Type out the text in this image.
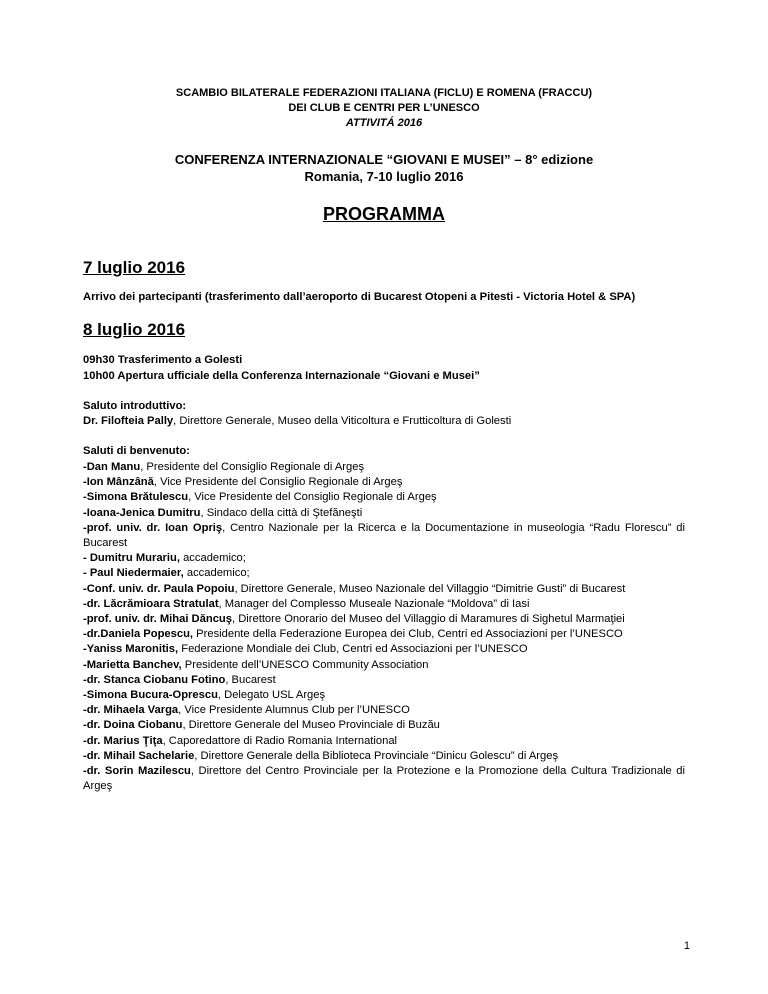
SCAMBIO BILATERALE FEDERAZIONI ITALIANA (FICLU) E ROMENA (FRACCU)
DEI CLUB E CENTRI PER L’UNESCO
ATTIVITÁ 2016
CONFERENZA INTERNAZIONALE “GIOVANI E MUSEI” – 8° edizione
Romania, 7-10 luglio 2016
PROGRAMMA
7 luglio 2016
Arrivo dei partecipanti (trasferimento dall’aeroporto di Bucarest Otopeni a Pitesti - Victoria Hotel & SPA)
8 luglio 2016
09h30 Trasferimento a Golesti
10h00 Apertura ufficiale della Conferenza Internazionale “Giovani e Musei”
Saluto introduttivo:
Dr. Filofteia Pally, Direttore Generale, Museo della Viticoltura e Frutticoltura di Golesti
Saluti di benvenuto:
-Dan Manu, Presidente del Consiglio Regionale di Argeş
-Ion Mânzână, Vice Presidente del Consiglio Regionale di Argeş
-Simona Brătulescu, Vice Presidente del Consiglio Regionale di Argeş
-Ioana-Jenica Dumitru, Sindaco della città di Ştefăneşti
-prof. univ. dr. Ioan Opriş, Centro Nazionale per la Ricerca e la Documentazione in museologia “Radu Florescu” di Bucarest
- Dumitru Murariu, accademico;
- Paul Niedermaier, accademico;
-Conf. univ. dr. Paula Popoiu, Direttore Generale, Museo Nazionale del Villaggio “Dimitrie Gusti” di Bucarest
-dr. Lăcrămioara Stratulat, Manager del Complesso Museale Nazionale “Moldova” di Iasi
-prof. univ. dr. Mihai Dăncuş, Direttore Onorario del Museo del Villaggio di Maramures di Sighetul Marmaţiei
-dr.Daniela Popescu, Presidente della Federazione Europea dei Club, Centri ed Associazioni per l’UNESCO
-Yaniss Maronitis, Federazione Mondiale dei Club, Centri ed Associazioni per l’UNESCO
-Marietta Banchev, Presidente dell’UNESCO Community Association
-dr. Stanca Ciobanu Fotino, Bucarest
-Simona Bucura-Oprescu, Delegato USL Argeş
-dr. Mihaela Varga, Vice Presidente Alumnus Club per l’UNESCO
-dr. Doina Ciobanu, Direttore Generale del Museo Provinciale di Buzău
-dr. Marius Ţiţa, Caporedattore di Radio Romania International
-dr. Mihail Sachelarie, Direttore Generale della Biblioteca Provinciale “Dinicu Golescu” di Argeş
-dr. Sorin Mazilescu, Direttore del Centro Provinciale per la Protezione e la Promozione della Cultura Tradizionale di Argeş
1
